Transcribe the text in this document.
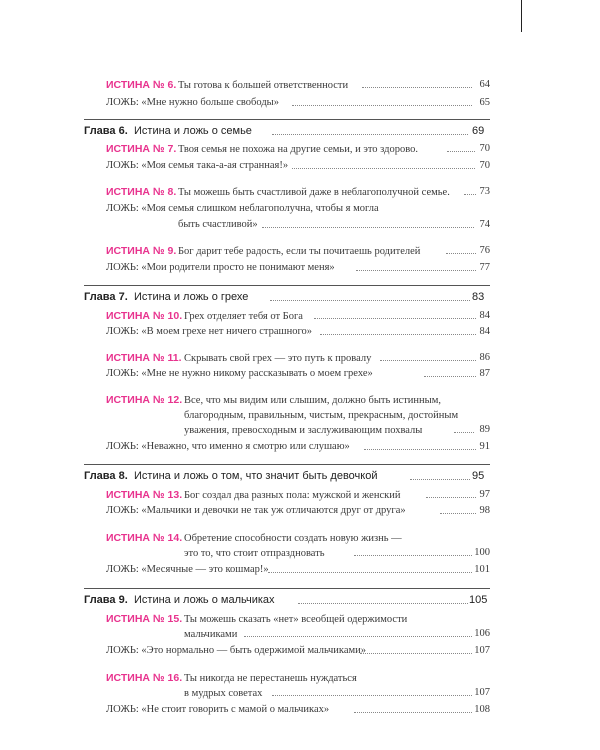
ИСТИНА № 6. Ты готова к большей ответственности	64
ЛОЖЬ: «Мне нужно больше свободы»	65
Глава 6. Истина и ложь о семье	69
ИСТИНА № 7. Твоя семья не похожа на другие семьи, и это здорово.	70
ЛОЖЬ: «Моя семья така-а-ая странная!»	70
ИСТИНА № 8. Ты можешь быть счастливой даже в неблагополучной семье.	73
ЛОЖЬ: «Моя семья слишком неблагополучна, чтобы я могла
быть счастливой»	74
ИСТИНА № 9. Бог дарит тебе радость, если ты почитаешь родителей	76
ЛОЖЬ: «Мои родители просто не понимают меня»	77
Глава 7. Истина и ложь о грехе	83
ИСТИНА № 10. Грех отделяет тебя от Бога	84
ЛОЖЬ: «В моем грехе нет ничего страшного»	84
ИСТИНА № 11. Скрывать свой грех — это путь к провалу	86
ЛОЖЬ: «Мне не нужно никому рассказывать о моем грехе»	87
ИСТИНА № 12. Все, что мы видим или слышим, должно быть истинным,
благородным, правильным, чистым, прекрасным, достойным
уважения, превосходным и заслуживающим похвалы	89
ЛОЖЬ: «Неважно, что именно я смотрю или слушаю»	91
Глава 8. Истина и ложь о том, что значит быть девочкой	95
ИСТИНА № 13. Бог создал два разных пола: мужской и женский	97
ЛОЖЬ: «Мальчики и девочки не так уж отличаются друг от друга»	98
ИСТИНА № 14. Обретение способности создать новую жизнь —
это то, что стоит отпраздновать	100
ЛОЖЬ: «Месячные — это кошмар!»	101
Глава 9. Истина и ложь о мальчиках	105
ИСТИНА № 15. Ты можешь сказать «нет» всеобщей одержимости
мальчиками	106
ЛОЖЬ: «Это нормально — быть одержимой мальчиками»	107
ИСТИНА № 16. Ты никогда не перестанешь нуждаться
в мудрых советах	107
ЛОЖЬ: «Не стоит говорить с мамой о мальчиках»	108
